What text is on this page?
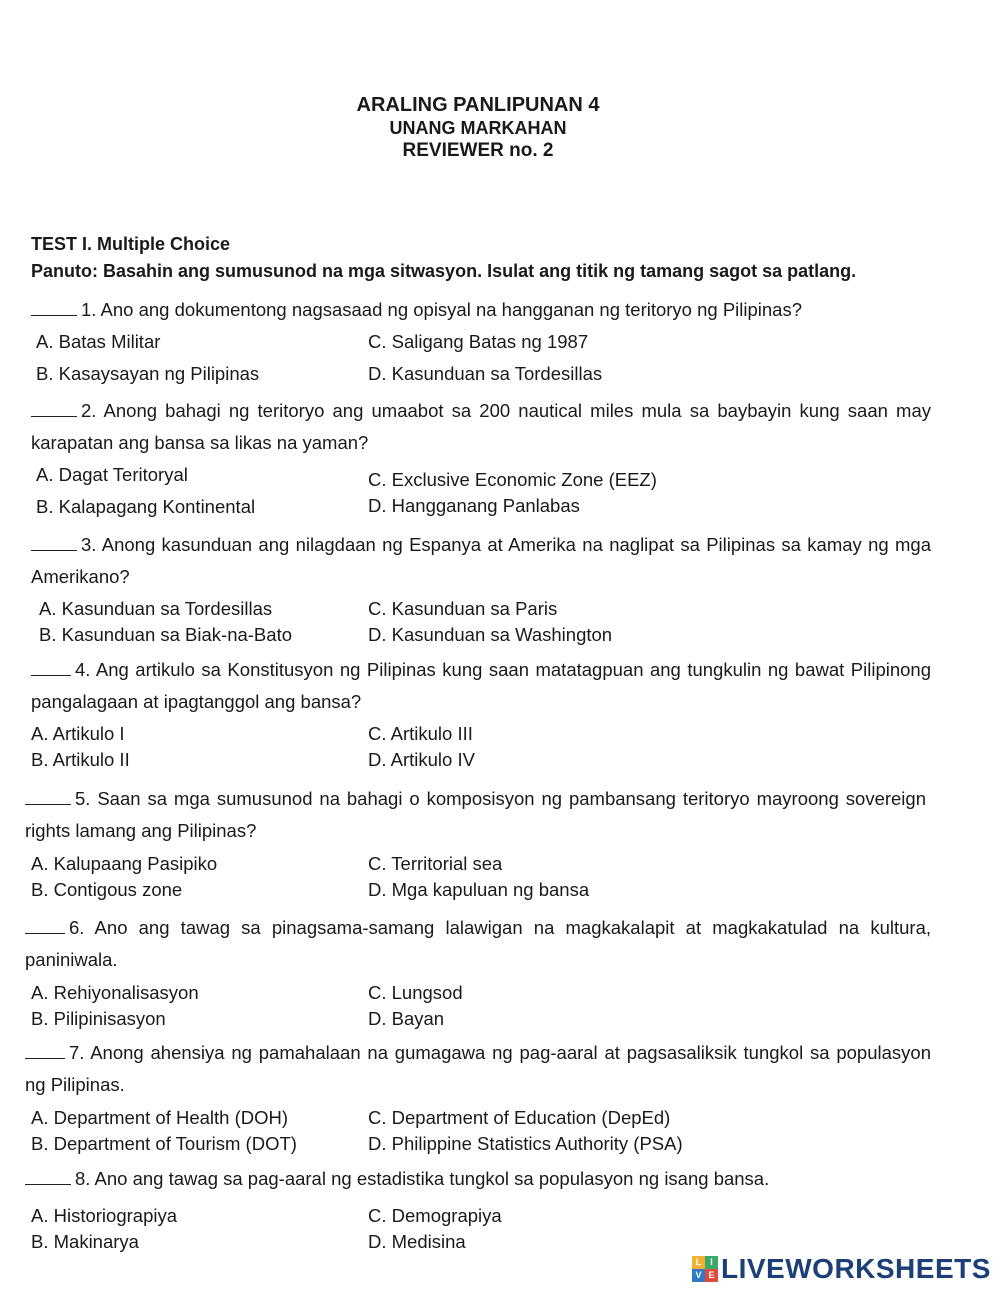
ARALING PANLIPUNAN 4
UNANG MARKAHAN
REVIEWER no. 2
TEST I. Multiple Choice
Panuto: Basahin ang sumusunod na mga sitwasyon. Isulat ang titik ng tamang sagot sa patlang.
1. Ano ang dokumentong nagsasaad ng opisyal na hangganan ng teritoryo ng Pilipinas?
A. Batas Militar	C. Saligang Batas ng 1987
B. Kasaysayan ng Pilipinas	D. Kasunduan sa Tordesillas
2. Anong bahagi ng teritoryo ang umaabot sa 200 nautical miles mula sa baybayin kung saan may karapatan ang bansa sa likas na yaman?
A. Dagat Teritoryal	C. Exclusive Economic Zone (EEZ)
B. Kalapagang Kontinental	D. Hangganang Panlabas
3. Anong kasunduan ang nilagdaan ng Espanya at Amerika na naglipat sa Pilipinas sa kamay ng mga Amerikano?
A. Kasunduan sa Tordesillas	C. Kasunduan sa Paris
B. Kasunduan sa Biak-na-Bato	D. Kasunduan sa Washington
4. Ang artikulo sa Konstitusyon ng Pilipinas kung saan matatagpuan ang tungkulin ng bawat Pilipinong pangalagaan at ipagtanggol ang bansa?
A. Artikulo I	C. Artikulo III
B. Artikulo II	D. Artikulo IV
5. Saan sa mga sumusunod na bahagi o komposisyon ng pambansang teritoryo mayroong sovereign rights lamang ang Pilipinas?
A. Kalupaang Pasipiko	C. Territorial sea
B. Contigous zone	D. Mga kapuluan ng bansa
6. Ano ang tawag sa pinagsama-samang lalawigan na magkakalapit at magkakatulad na kultura, paniniwala.
A. Rehiyonalisasyon	C. Lungsod
B. Pilipinisasyon	D. Bayan
7. Anong ahensiya ng pamahalaan na gumagawa ng pag-aaral at pagsasaliksik tungkol sa populasyon ng Pilipinas.
A. Department of Health (DOH)	C. Department of Education (DepEd)
B. Department of Tourism (DOT)	D. Philippine Statistics Authority (PSA)
8. Ano ang tawag sa pag-aaral ng estadistika tungkol sa populasyon ng isang bansa.
A. Historiograpiya	C. Demograpiya
B. Makinarya	D. Medisina
L I
V E LIVEWORKSHEETS
